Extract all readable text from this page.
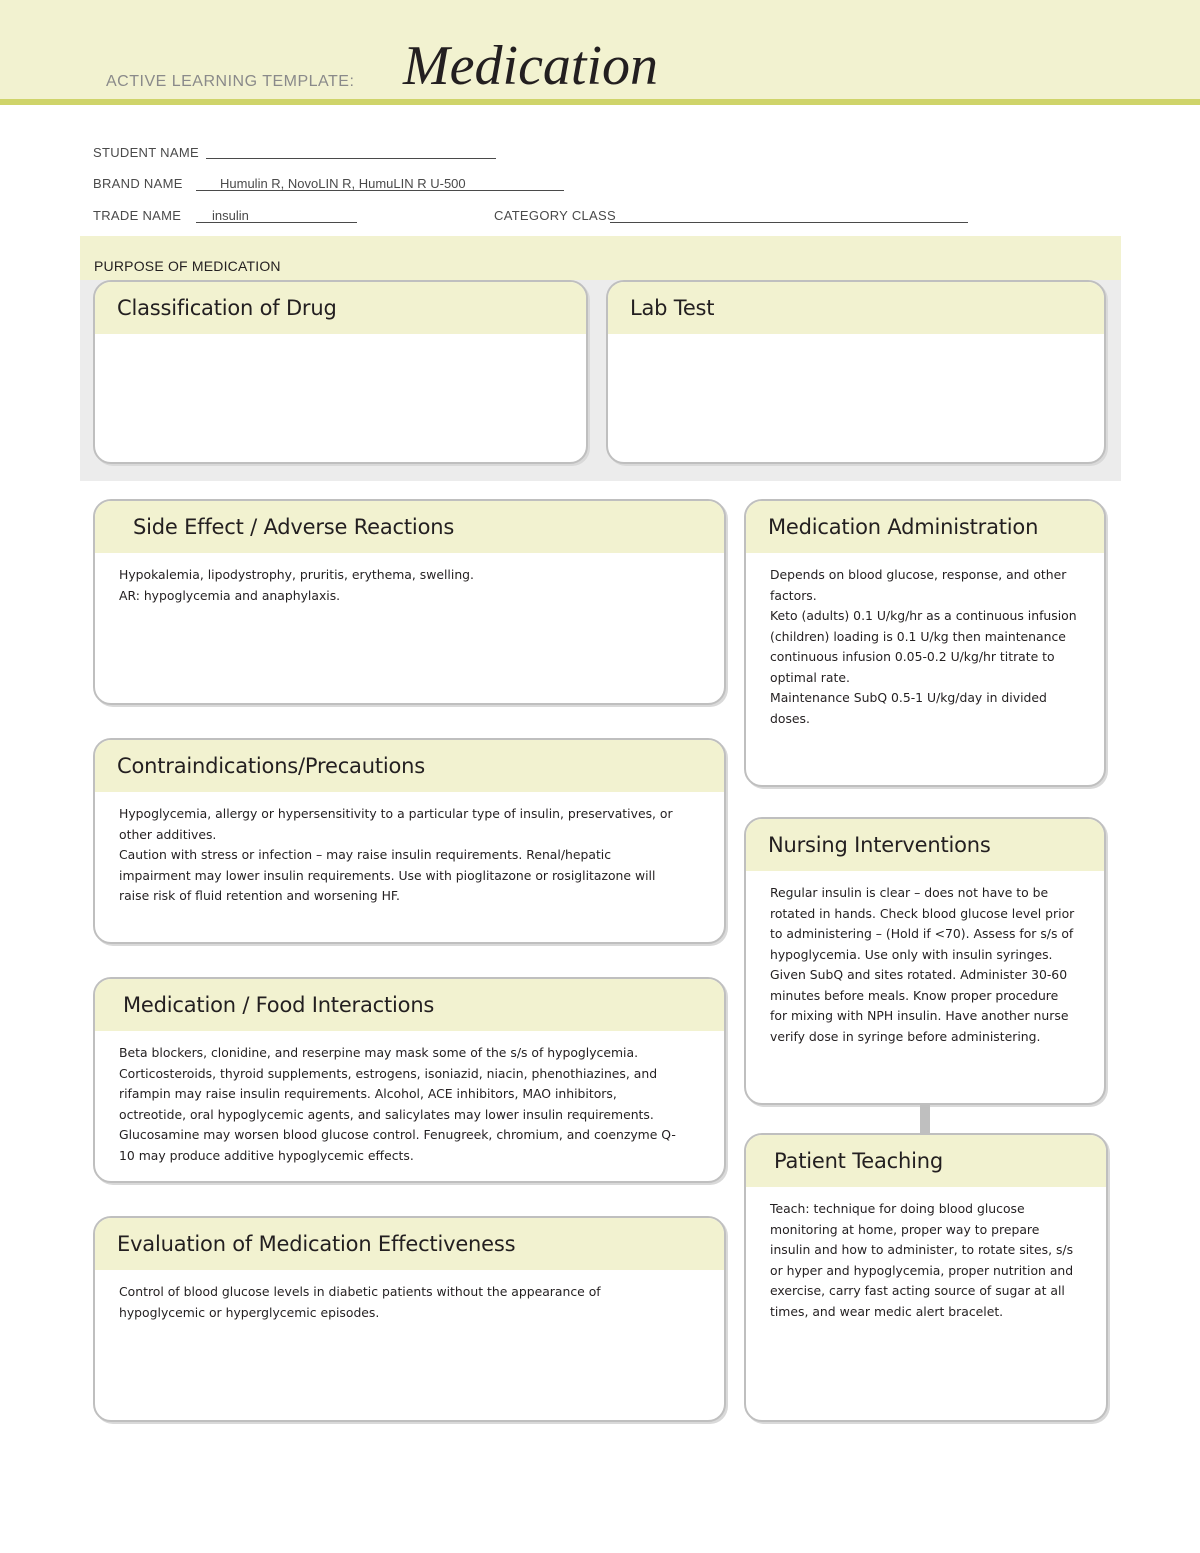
ACTIVE LEARNING TEMPLATE: Medication
STUDENT NAME
BRAND NAME	Humulin R, NovoLIN R, HumuLIN R U-500
TRADE NAME insulin	CATEGORY CLASS
PURPOSE OF MEDICATION
Classification of Drug	Lab Test
Side Effect / Adverse Reactions

Hypokalemia, lipodystrophy, pruritis, erythema, swelling.

AR: hypoglycemia and anaphylaxis.

Contraindications/Precautions

Hypoglycemia, allergy or hypersensitivity to a particular type of insulin, preservatives, or other additives.

Caution with stress or infection – may raise insulin requirements. Renal/hepatic impairment may lower insulin requirements. Use with pioglitazone or rosiglitazone will raise risk of fluid retention and worsening HF.

Medication / Food Interactions

Beta blockers, clonidine, and reserpine may mask some of the s/s of hypoglycemia. Corticosteroids, thyroid supplements, estrogens, isoniazid, niacin, phenothiazines, and rifampin may raise insulin requirements. Alcohol, ACE inhibitors, MAO inhibitors, octreotide, oral hypoglycemic agents, and salicylates may lower insulin requirements. Glucosamine may worsen blood glucose control. Fenugreek, chromium, and coenzyme Q-10 may produce additive hypoglycemic effects.

Evaluation of Medication Effectiveness

Control of blood glucose levels in diabetic patients without the appearance of hypoglycemic or hyperglycemic episodes.

Medication Administration

Depends on blood glucose, response, and other factors.

Keto (adults) 0.1 U/kg/hr as a continuous infusion

(children) loading is 0.1 U/kg then maintenance continuous infusion 0.05-0.2 U/kg/hr titrate to optimal rate.

Maintenance SubQ 0.5-1 U/kg/day in divided doses.

Nursing Interventions

Regular insulin is clear – does not have to be rotated in hands. Check blood glucose level prior to administering – (Hold if <70). Assess for s/s of hypoglycemia. Use only with insulin syringes. Given SubQ and sites rotated. Administer 30-60 minutes before meals. Know proper procedure for mixing with NPH insulin. Have another nurse verify dose in syringe before administering.

Patient Teaching

Teach: technique for doing blood glucose monitoring at home, proper way to prepare insulin and how to administer, to rotate sites, s/s or hyper and hypoglycemia, proper nutrition and exercise, carry fast acting source of sugar at all times, and wear medic alert bracelet.
